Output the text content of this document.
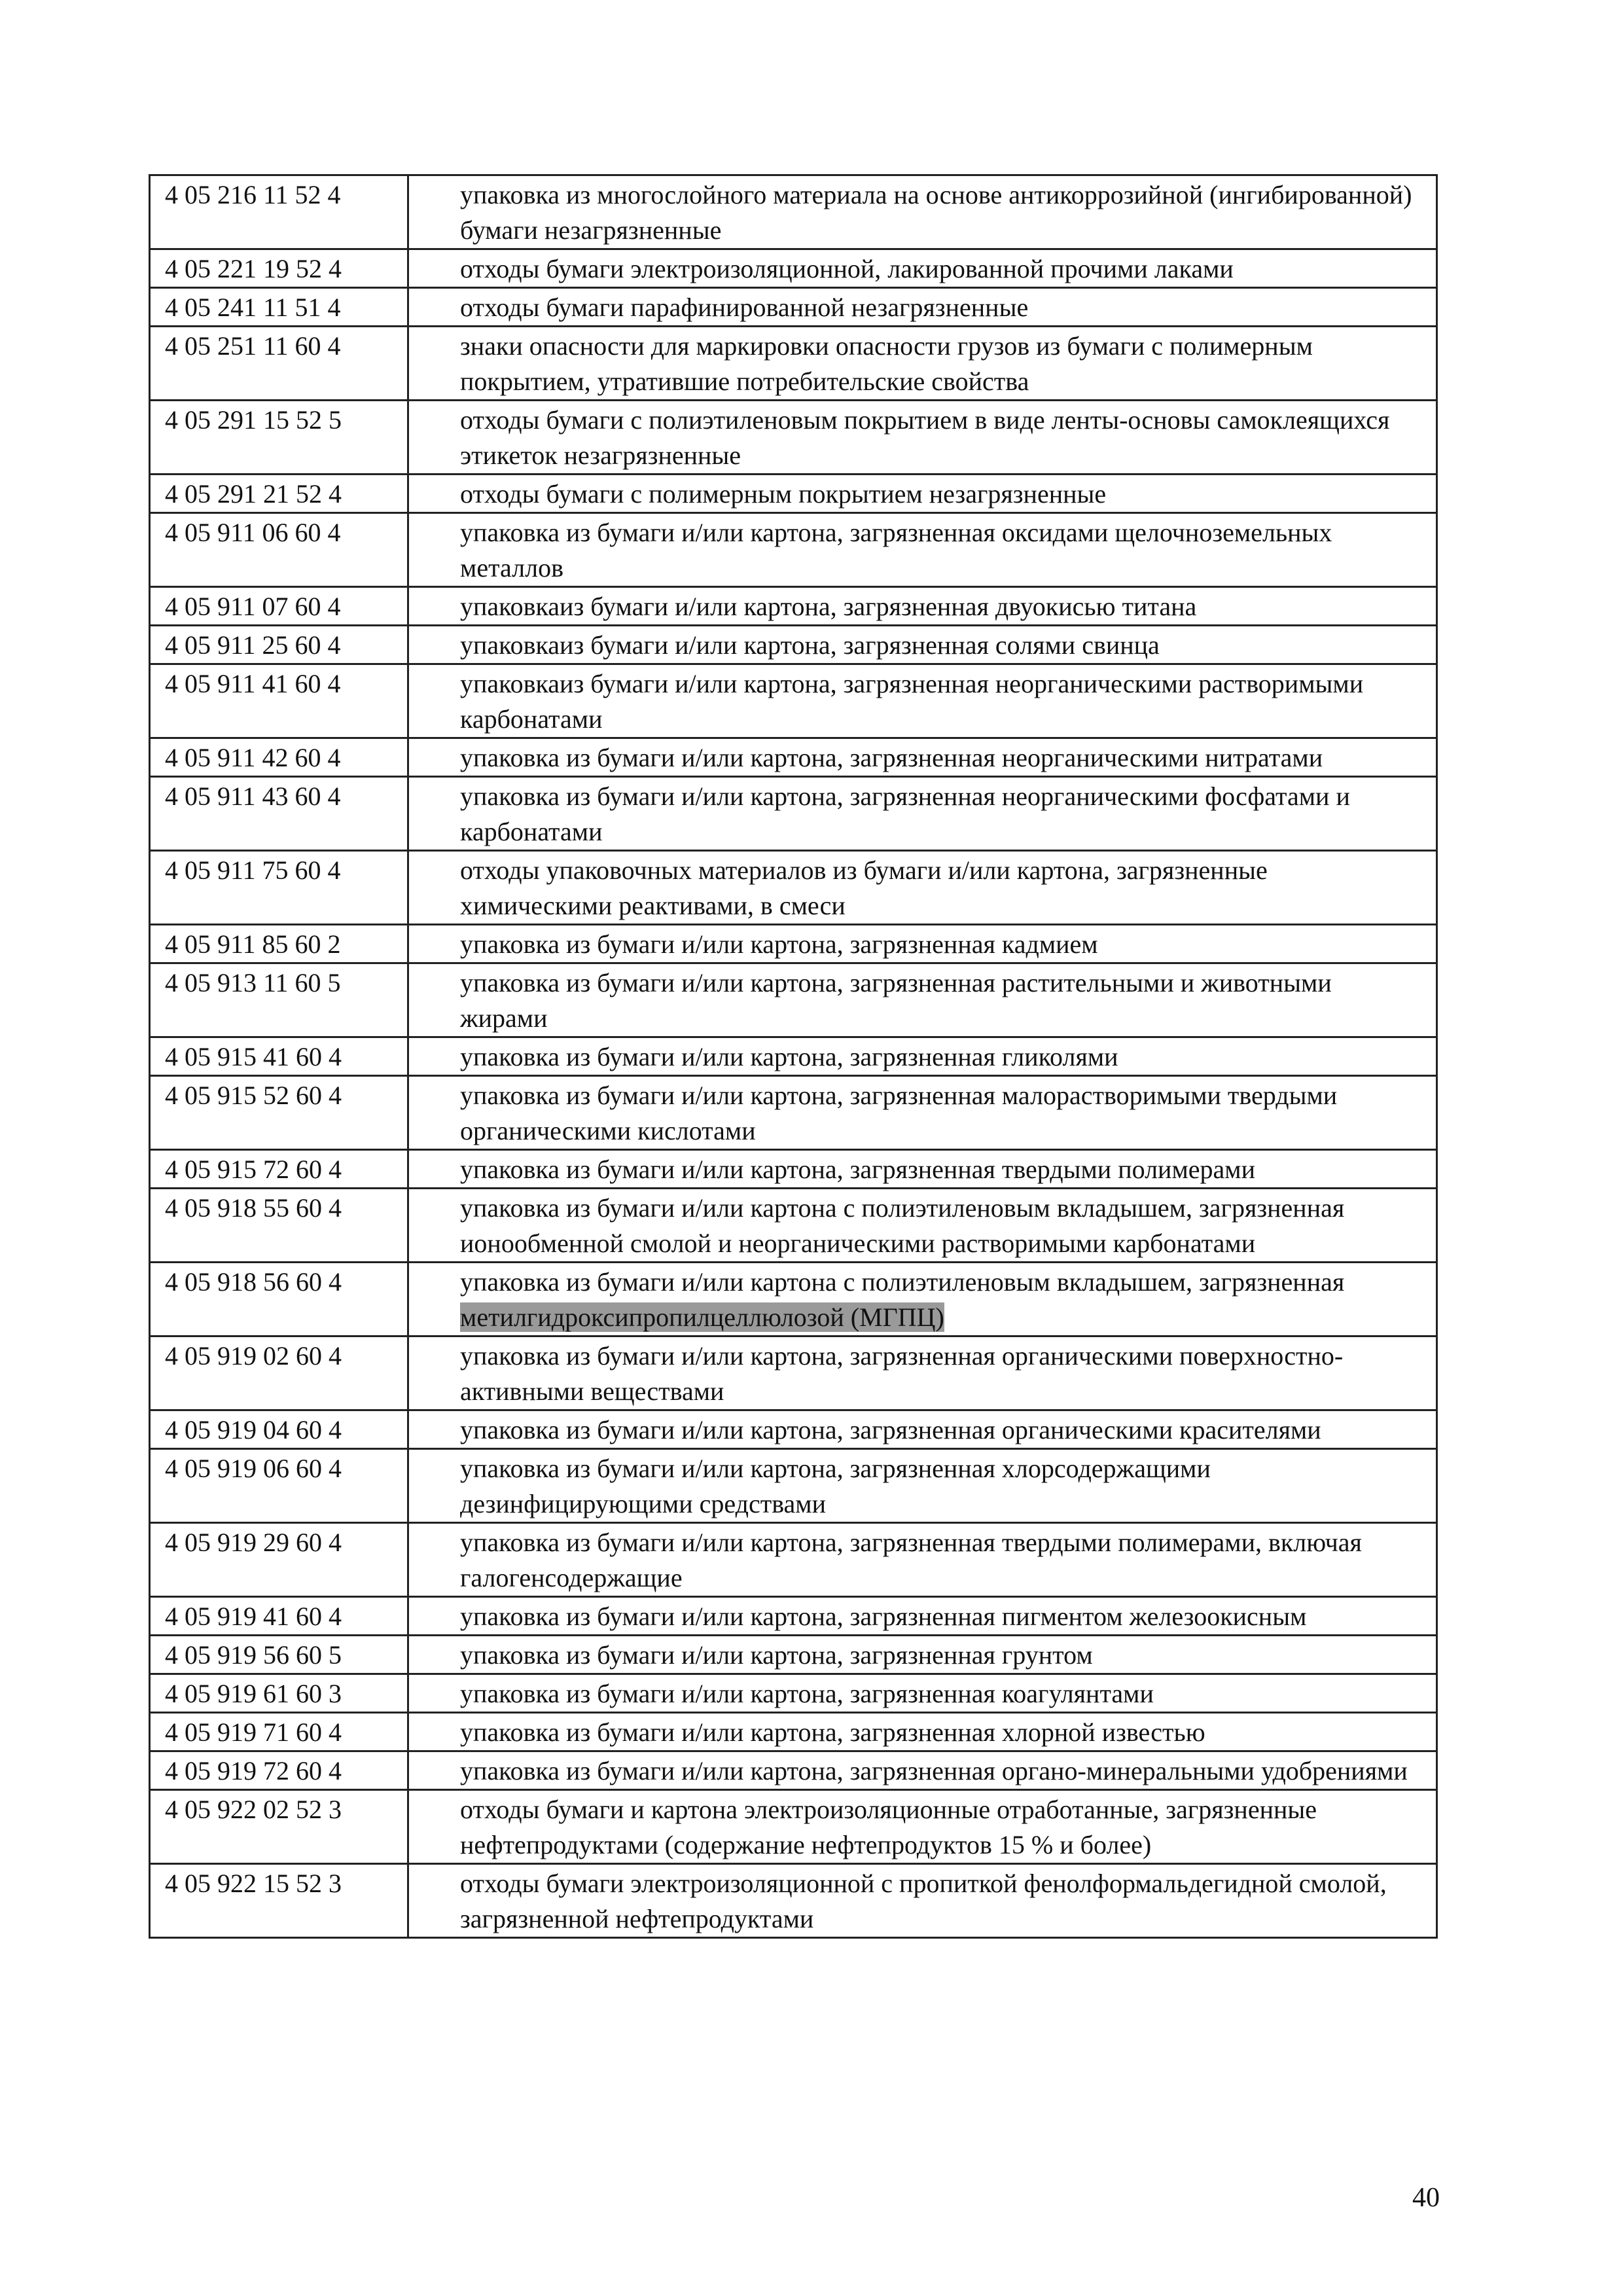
4 05 216 11 52 4	упаковка из многослойного материала на основе антикоррозийной (ингибированной) бумаги незагрязненные
4 05 221 19 52 4	отходы бумаги электроизоляционной, лакированной прочими лаками
4 05 241 11 51 4	отходы бумаги парафинированной незагрязненные
4 05 251 11 60 4	знаки опасности для маркировки опасности грузов из бумаги с полимерным покрытием, утратившие потребительские свойства
4 05 291 15 52 5	отходы бумаги с полиэтиленовым покрытием в виде ленты-основы самоклеящихся этикеток незагрязненные
4 05 291 21 52 4	отходы бумаги с полимерным покрытием незагрязненные
4 05 911 06 60 4	упаковка из бумаги и/или картона, загрязненная оксидами щелочноземельных металлов
4 05 911 07 60 4	упаковкаиз бумаги и/или картона, загрязненная двуокисью титана
4 05 911 25 60 4	упаковкаиз бумаги и/или картона, загрязненная солями свинца
4 05 911 41 60 4	упаковкаиз бумаги и/или картона, загрязненная неорганическими растворимыми карбонатами
4 05 911 42 60 4	упаковка из бумаги и/или картона, загрязненная неорганическими нитратами
4 05 911 43 60 4	упаковка из бумаги и/или картона, загрязненная неорганическими фосфатами и карбонатами
4 05 911 75 60 4	отходы упаковочных материалов из бумаги и/или картона, загрязненные химическими реактивами, в смеси
4 05 911 85 60 2	упаковка из бумаги и/или картона, загрязненная кадмием
4 05 913 11 60 5	упаковка из бумаги и/или картона, загрязненная растительными и животными жирами
4 05 915 41 60 4	упаковка из бумаги и/или картона, загрязненная гликолями
4 05 915 52 60 4	упаковка из бумаги и/или картона, загрязненная малорастворимыми твердыми органическими кислотами
4 05 915 72 60 4	упаковка из бумаги и/или картона, загрязненная твердыми полимерами
4 05 918 55 60 4	упаковка из бумаги и/или картона с полиэтиленовым вкладышем, загрязненная ионообменной смолой и неорганическими растворимыми карбонатами
4 05 918 56 60 4	упаковка из бумаги и/или картона с полиэтиленовым вкладышем, загрязненная метилгидроксипропилцеллюлозой (МГПЦ)
4 05 919 02 60 4	упаковка из бумаги и/или картона, загрязненная органическими поверхностно-активными веществами
4 05 919 04 60 4	упаковка из бумаги и/или картона, загрязненная органическими красителями
4 05 919 06 60 4	упаковка из бумаги и/или картона, загрязненная хлорсодержащими дезинфицирующими средствами
4 05 919 29 60 4	упаковка из бумаги и/или картона, загрязненная твердыми полимерами, включая галогенсодержащие
4 05 919 41 60 4	упаковка из бумаги и/или картона, загрязненная пигментом железоокисным
4 05 919 56 60 5	упаковка из бумаги и/или картона, загрязненная грунтом
4 05 919 61 60 3	упаковка из бумаги и/или картона, загрязненная коагулянтами
4 05 919 71 60 4	упаковка из бумаги и/или картона, загрязненная хлорной известью
4 05 919 72 60 4	упаковка из бумаги и/или картона, загрязненная органо-минеральными удобрениями
4 05 922 02 52 3	отходы бумаги и картона электроизоляционные отработанные, загрязненные нефтепродуктами (содержание нефтепродуктов 15 % и более)
4 05 922 15 52 3	отходы бумаги электроизоляционной с пропиткой фенолформальдегидной смолой, загрязненной нефтепродуктами
40
